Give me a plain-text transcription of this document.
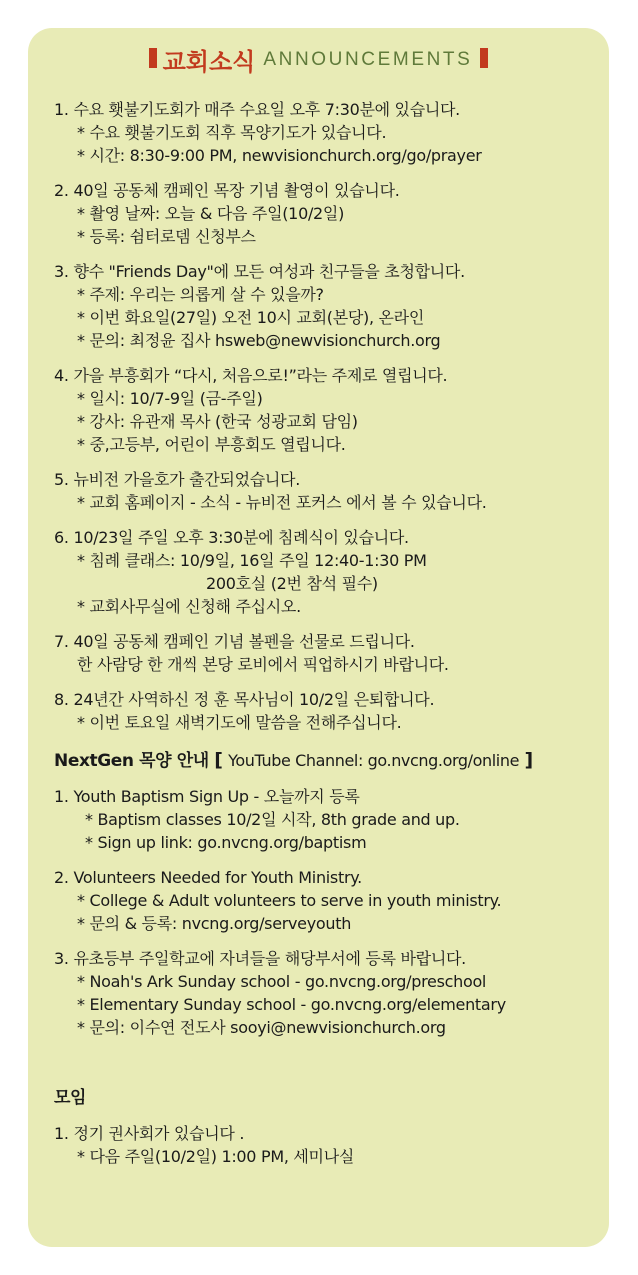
교회소식 ANNOUNCEMENTS
1. 수요 횃불기도회가 매주 수요일 오후 7:30분에 있습니다.
* 수요 횃불기도회 직후 목양기도가 있습니다.
* 시간: 8:30-9:00 PM, newvisionchurch.org/go/prayer
2. 40일 공동체 캠페인 목장 기념 촬영이 있습니다.
* 촬영 날짜: 오늘 & 다음 주일(10/2일)
* 등록: 쉼터로뎀 신청부스
3. 향수 "Friends Day"에 모든 여성과 친구들을 초청합니다.
* 주제: 우리는 의롭게 살 수 있을까?
* 이번 화요일(27일) 오전 10시 교회(본당), 온라인
* 문의: 최정윤 집사 hsweb@newvisionchurch.org
4. 가을 부흥회가 “다시, 처음으로!”라는 주제로 열립니다.
* 일시: 10/7-9일 (금-주일)
* 강사: 유관재 목사 (한국 성광교회 담임)
* 중,고등부, 어린이 부흥회도 열립니다.
5. 뉴비전 가을호가 출간되었습니다.
* 교회 홈페이지 - 소식 - 뉴비전 포커스 에서 볼 수 있습니다.
6. 10/23일 주일 오후 3:30분에 침례식이 있습니다.
* 침례 클래스: 10/9일, 16일 주일 12:40-1:30 PM
200호실 (2번 참석 필수)
* 교회사무실에 신청해 주십시오.
7. 40일 공동체 캠페인 기념 볼펜을 선물로 드립니다.
한 사람당 한 개씩 본당 로비에서 픽업하시기 바랍니다.
8. 24년간 사역하신 정 훈 목사님이 10/2일 은퇴합니다.
* 이번 토요일 새벽기도에 말씀을 전해주십니다.
NextGen 목양 안내 [ YouTube Channel: go.nvcng.org/online ]
1. Youth Baptism Sign Up - 오늘까지 등록
* Baptism classes 10/2일 시작, 8th grade and up.
* Sign up link: go.nvcng.org/baptism
2. Volunteers Needed for Youth Ministry.
* College & Adult volunteers to serve in youth ministry.
* 문의 & 등록: nvcng.org/serveyouth
3. 유초등부 주일학교에 자녀들을 해당부서에 등록 바랍니다.
* Noah's Ark Sunday school - go.nvcng.org/preschool
* Elementary Sunday school - go.nvcng.org/elementary
* 문의: 이수연 전도사 sooyi@newvisionchurch.org
모임
1. 정기 권사회가 있습니다 .
* 다음 주일(10/2일) 1:00 PM, 세미나실
